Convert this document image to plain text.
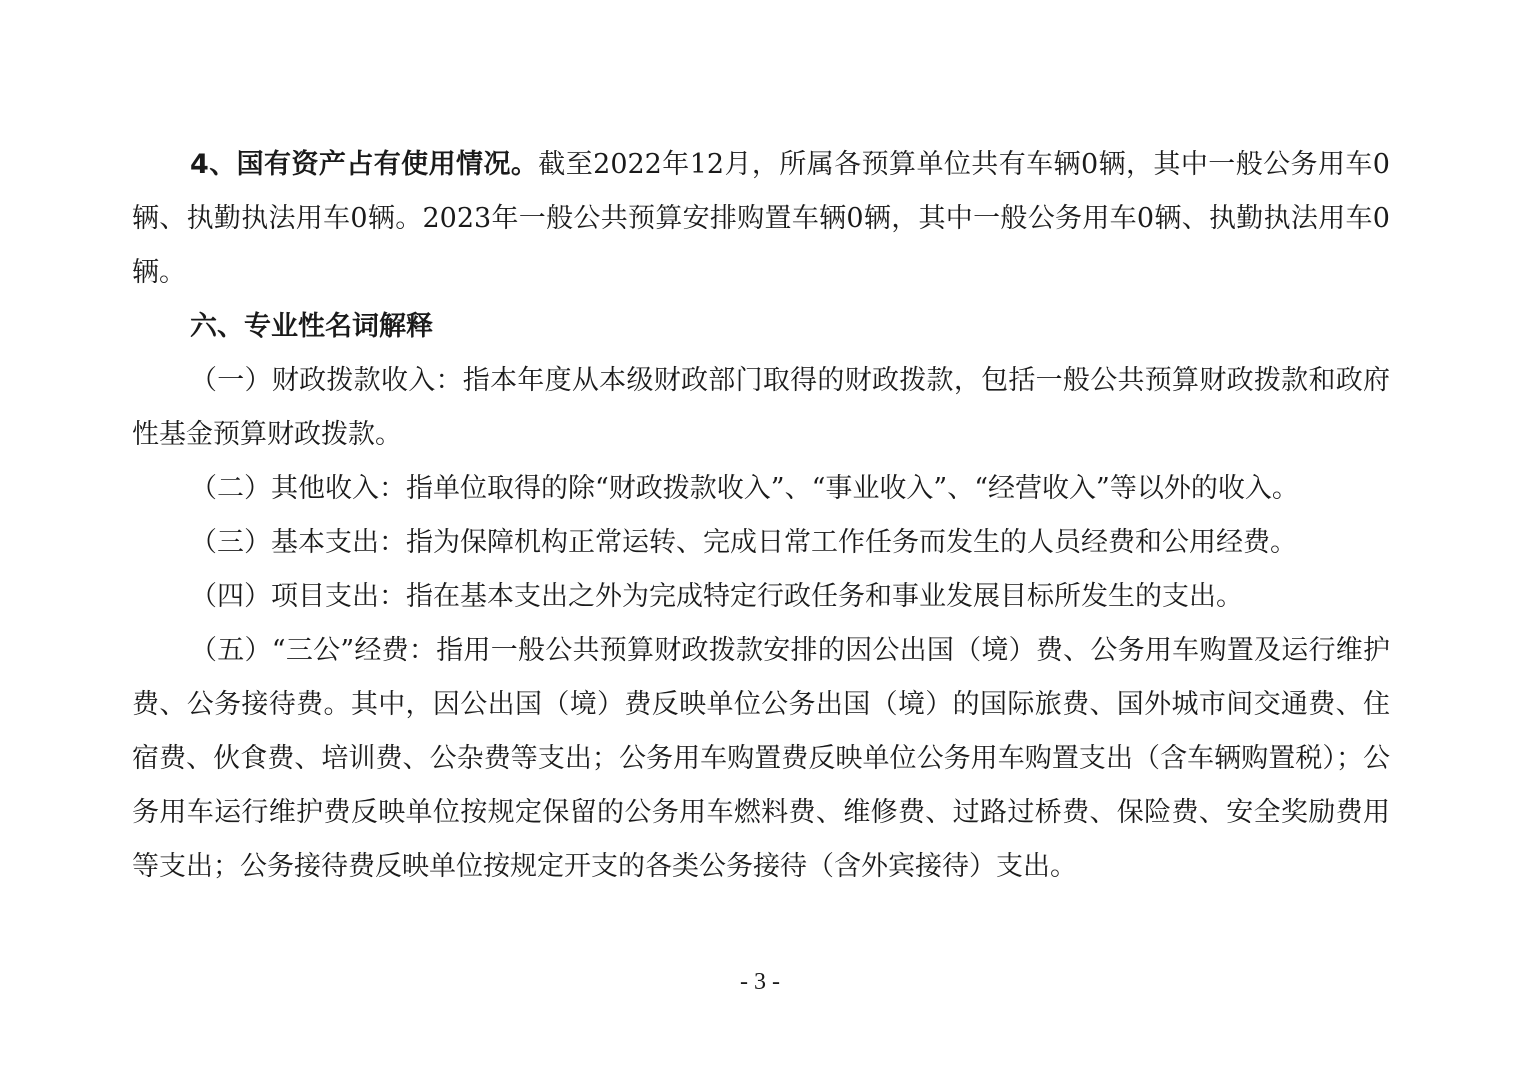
4、国有资产占有使用情况。截至2022年12月，所属各预算单位共有车辆0辆，其中一般公务用车0辆、执勤执法用车0辆。2023年一般公共预算安排购置车辆0辆，其中一般公务用车0辆、执勤执法用车0辆。

六、专业性名词解释

（一）财政拨款收入：指本年度从本级财政部门取得的财政拨款，包括一般公共预算财政拨款和政府性基金预算财政拨款。

（二）其他收入：指单位取得的除“财政拨款收入”、“事业收入”、“经营收入”等以外的收入。

（三）基本支出：指为保障机构正常运转、完成日常工作任务而发生的人员经费和公用经费。

（四）项目支出：指在基本支出之外为完成特定行政任务和事业发展目标所发生的支出。

（五）“三公”经费：指用一般公共预算财政拨款安排的因公出国（境）费、公务用车购置及运行维护费、公务接待费。其中，因公出国（境）费反映单位公务出国（境）的国际旅费、国外城市间交通费、住宿费、伙食费、培训费、公杂费等支出；公务用车购置费反映单位公务用车购置支出（含车辆购置税）；公务用车运行维护费反映单位按规定保留的公务用车燃料费、维修费、过路过桥费、保险费、安全奖励费用等支出；公务接待费反映单位按规定开支的各类公务接待（含外宾接待）支出。

- 3 -
